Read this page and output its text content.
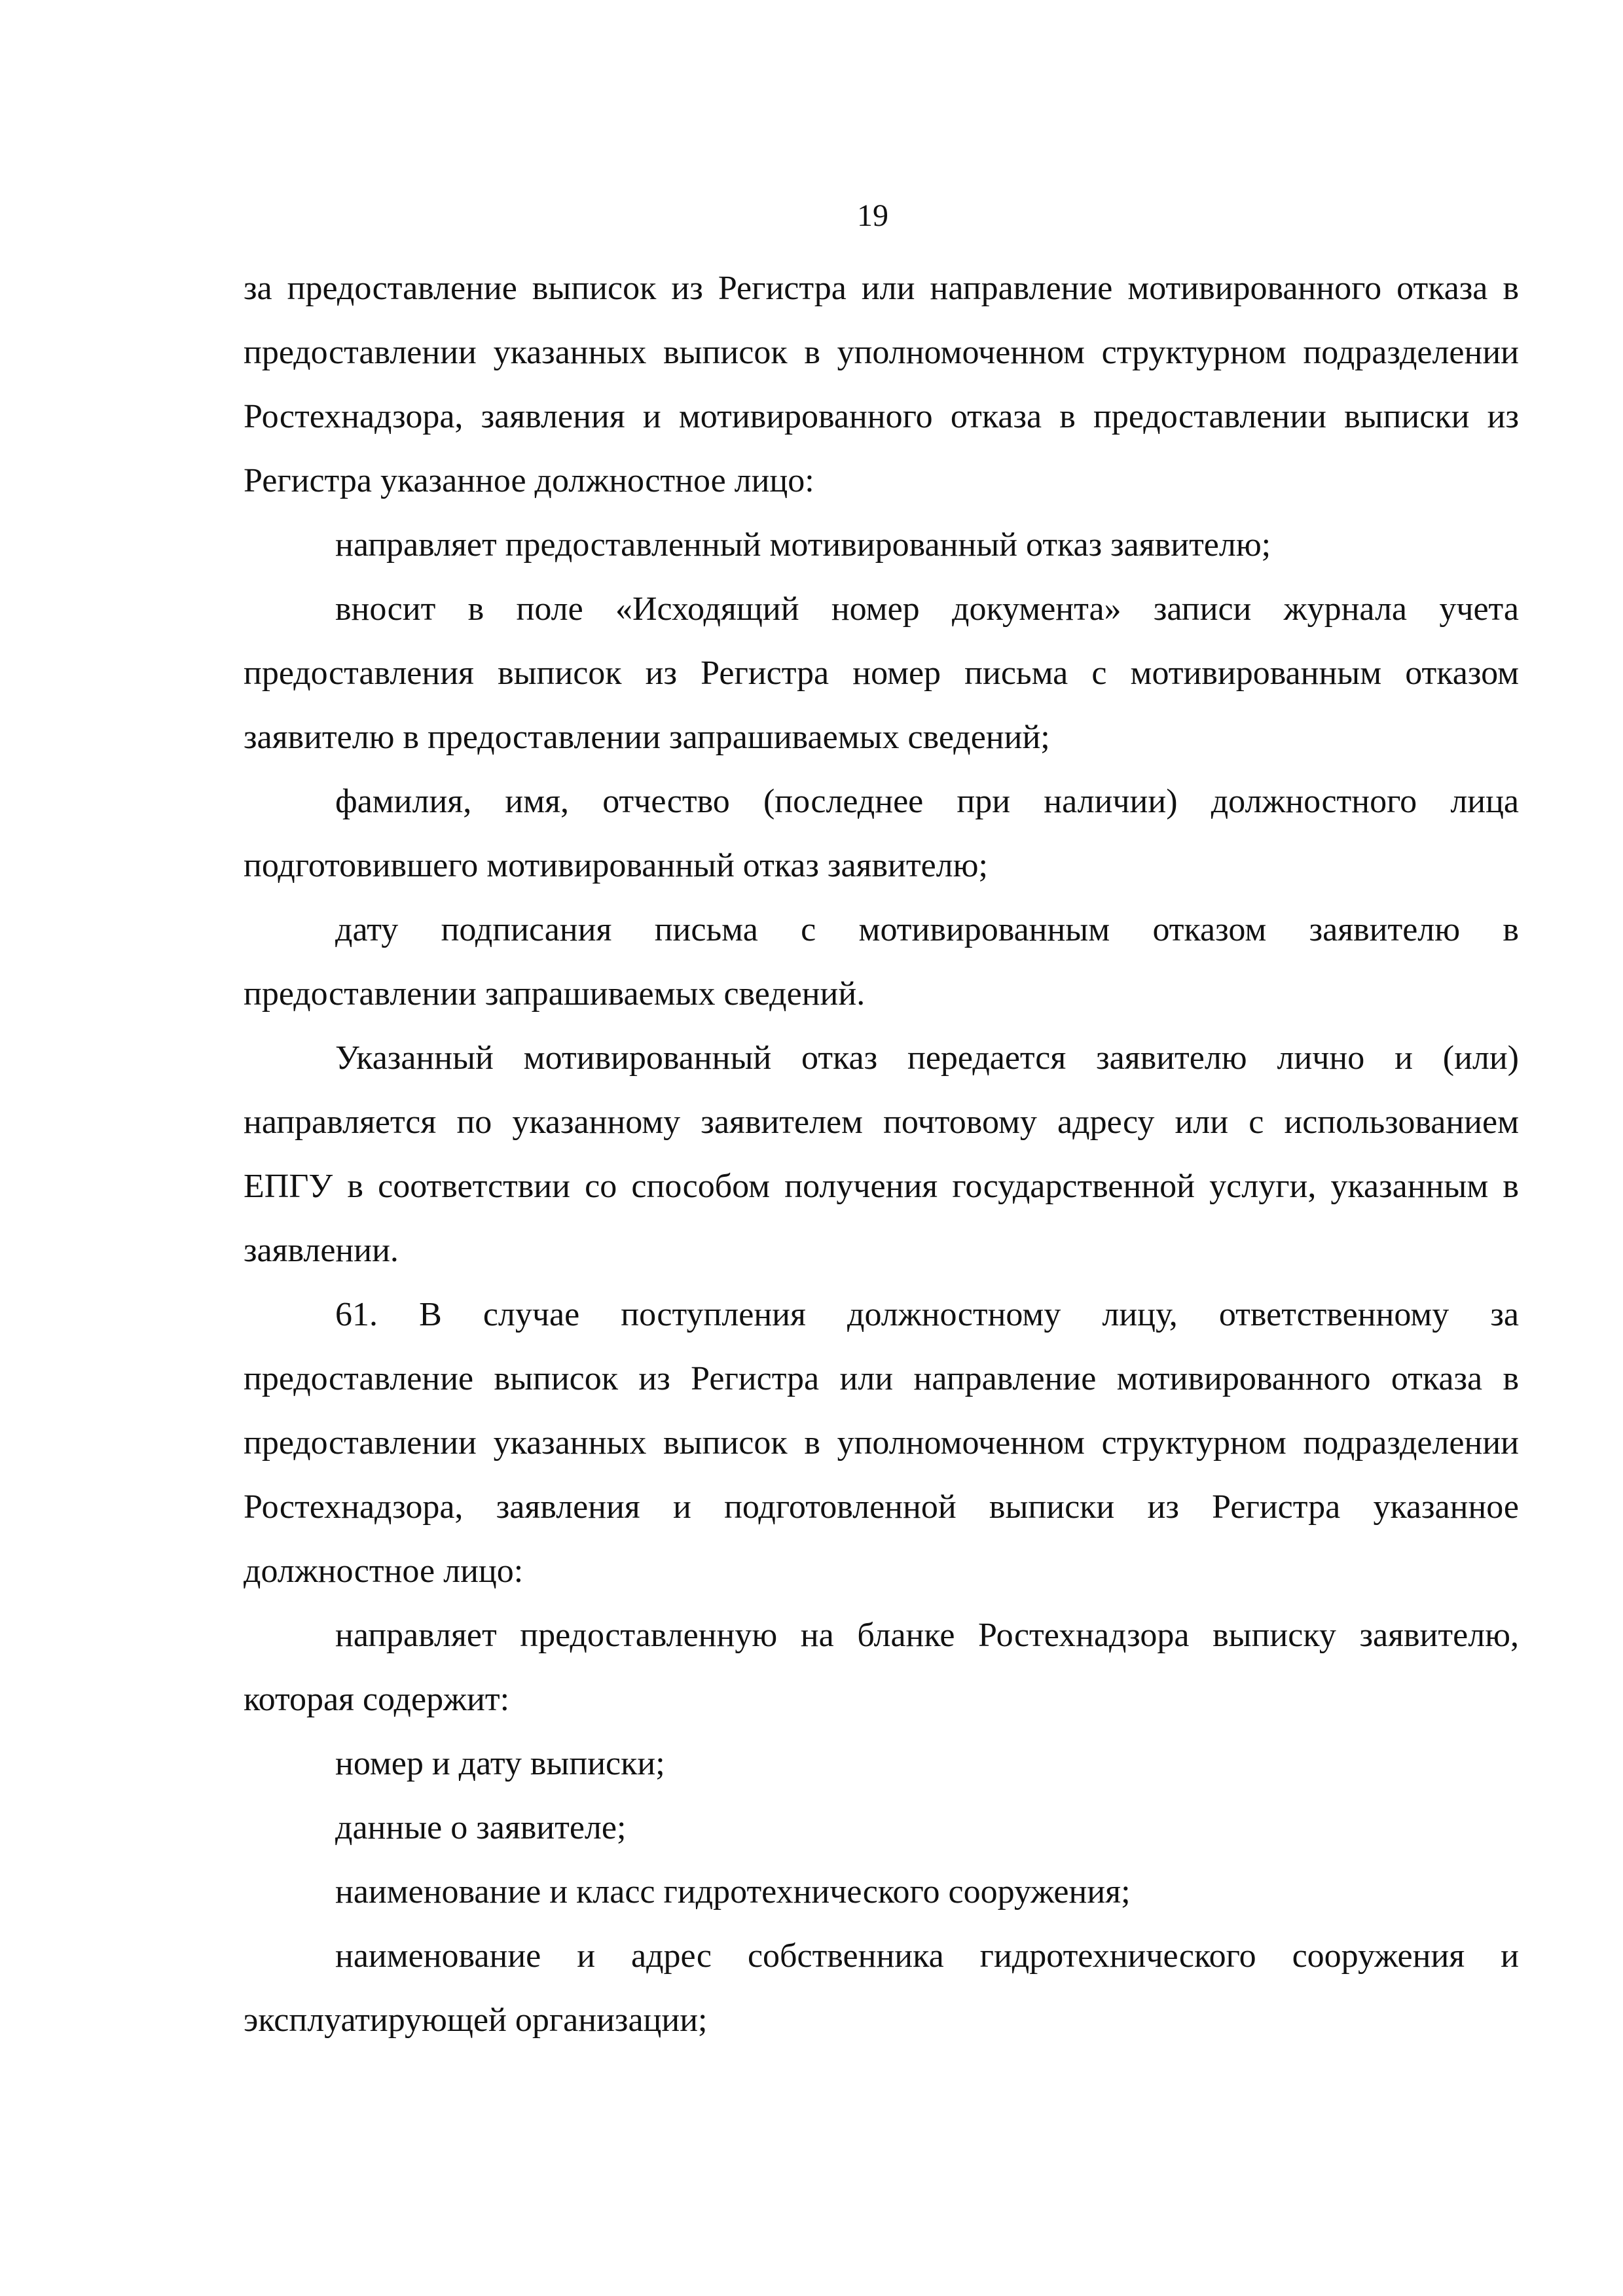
19

за предоставление выписок из Регистра или направление мотивированного отказа в предоставлении указанных выписок в уполномоченном структурном подразделении Ростехнадзора, заявления и мотивированного отказа в предоставлении выписки из Регистра указанное должностное лицо:

направляет предоставленный мотивированный отказ заявителю;

вносит в поле «Исходящий номер документа» записи журнала учета предоставления выписок из Регистра номер письма с мотивированным отказом заявителю в предоставлении запрашиваемых сведений;

фамилия, имя, отчество (последнее при наличии) должностного лица подготовившего мотивированный отказ заявителю;

дату подписания письма с мотивированным отказом заявителю в предоставлении запрашиваемых сведений.

Указанный мотивированный отказ передается заявителю лично и (или) направляется по указанному заявителем почтовому адресу или с использованием ЕПГУ в соответствии со способом получения государственной услуги, указанным в заявлении.

61. В случае поступления должностному лицу, ответственному за предоставление выписок из Регистра или направление мотивированного отказа в предоставлении указанных выписок в уполномоченном структурном подразделении Ростехнадзора, заявления и подготовленной выписки из Регистра указанное должностное лицо:

направляет предоставленную на бланке Ростехнадзора выписку заявителю, которая содержит:

номер и дату выписки;

данные о заявителе;

наименование и класс гидротехнического сооружения;

наименование и адрес собственника гидротехнического сооружения и эксплуатирующей организации;
